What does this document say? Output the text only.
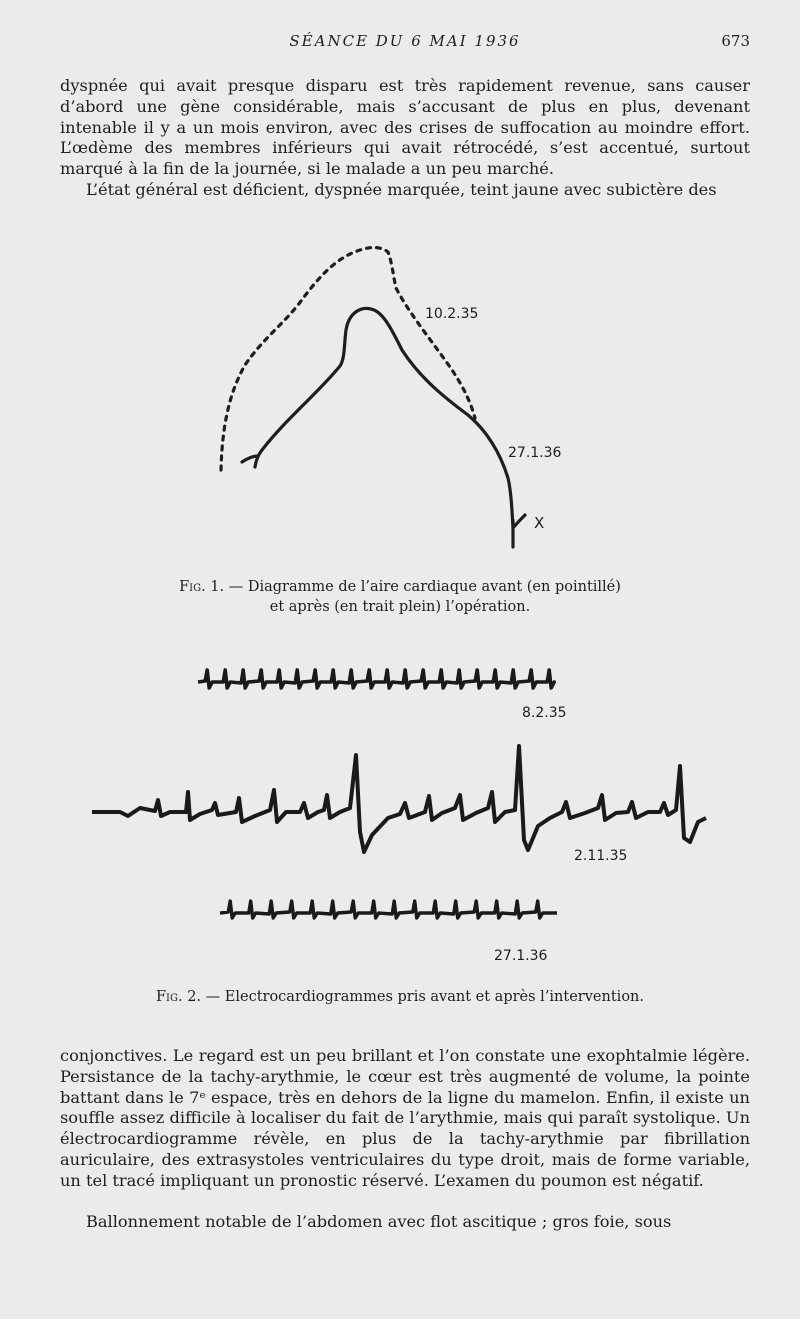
SÉANCE DU 6 MAI 1936	673

dyspnée qui avait presque disparu est très rapidement revenue, sans causer d’abord une gène considérable, mais s’accusant de plus en plus, devenant intenable il y a un mois environ, avec des crises de suffocation au moindre effort. L’œdème des membres inférieurs qui avait rétrocédé, s’est accentué, surtout marqué à la fin de la journée, si le malade a un peu marché.

L’état général est déficient, dyspnée marquée, teint jaune avec subictère des

10.2.35
27.1.36
X
Fig. 1. — Diagramme de l’aire cardiaque avant (en pointillé)
et après (en trait plein) l’opération.
8.2.35
2.11.35
27.1.36
Fig. 2. — Electrocardiogrammes pris avant et après l’intervention.

conjonctives. Le regard est un peu brillant et l’on constate une exophtalmie légère. Persistance de la tachy-arythmie, le cœur est très augmenté de volume, la pointe battant dans le 7ᵉ espace, très en dehors de la ligne du mamelon. Enfin, il existe un souffle assez difficile à localiser du fait de l’arythmie, mais qui paraît systolique. Un électrocardiogramme révèle, en plus de la tachy-arythmie par fibrillation auriculaire, des extrasystoles ventriculaires du type droit, mais de forme variable, un tel tracé impliquant un pronostic réservé. L’examen du poumon est négatif.

Ballonnement notable de l’abdomen avec flot ascitique ; gros foie, sous
